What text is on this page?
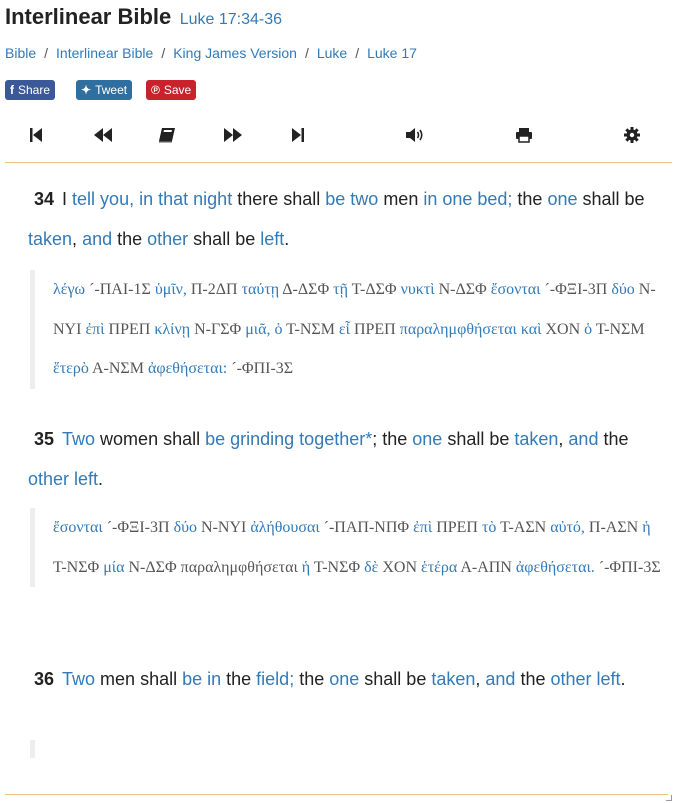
Interlinear Bible Luke 17:34-36
Bible / Interlinear Bible / King James Version / Luke / Luke 17
f Share	✦ Tweet	℗ Save
34 I tell you, in that night there shall be two men in one bed; the one shall be taken, and the other shall be left.
λέγω ´-ΠΑΙ-1Σ ὑμῖν, Π-2ΔΠ ταύτῃ Δ-ΔΣΦ τῇ Τ-ΔΣΦ νυκτὶ Ν-ΔΣΦ ἔσονται ´-ΦΞΙ-3Π δύο Ν-ΝΥΙ ἐπὶ ΠΡΕΠ κλίνῃ Ν-ΓΣΦ μιᾶ, ὁ Τ-ΝΣΜ εἷ ΠΡΕΠ παραλημφθήσεται καὶ ΧΟΝ ὁ Τ-ΝΣΜ ἕτερὸ Α-ΝΣΜ ἀφεθήσεται: ´-ΦΠΙ-3Σ
35 Two women shall be grinding together*; the one shall be taken, and the other left.
ἔσονται ´-ΦΞΙ-3Π δύο Ν-ΝΥΙ ἀλήθουσαι ´-ΠΑΠ-ΝΠΦ ἐπὶ ΠΡΕΠ τὸ Τ-ΑΣΝ αὐτό, Π-ΑΣΝ ἡ Τ-ΝΣΦ μία Ν-ΔΣΦ παραλημφθήσεται ἡ Τ-ΝΣΦ δὲ ΧΟΝ ἑτέρα Α-ΑΠΝ ἀφεθήσεται. ´-ΦΠΙ-3Σ
36 Two men shall be in the field; the one shall be taken, and the other left.
